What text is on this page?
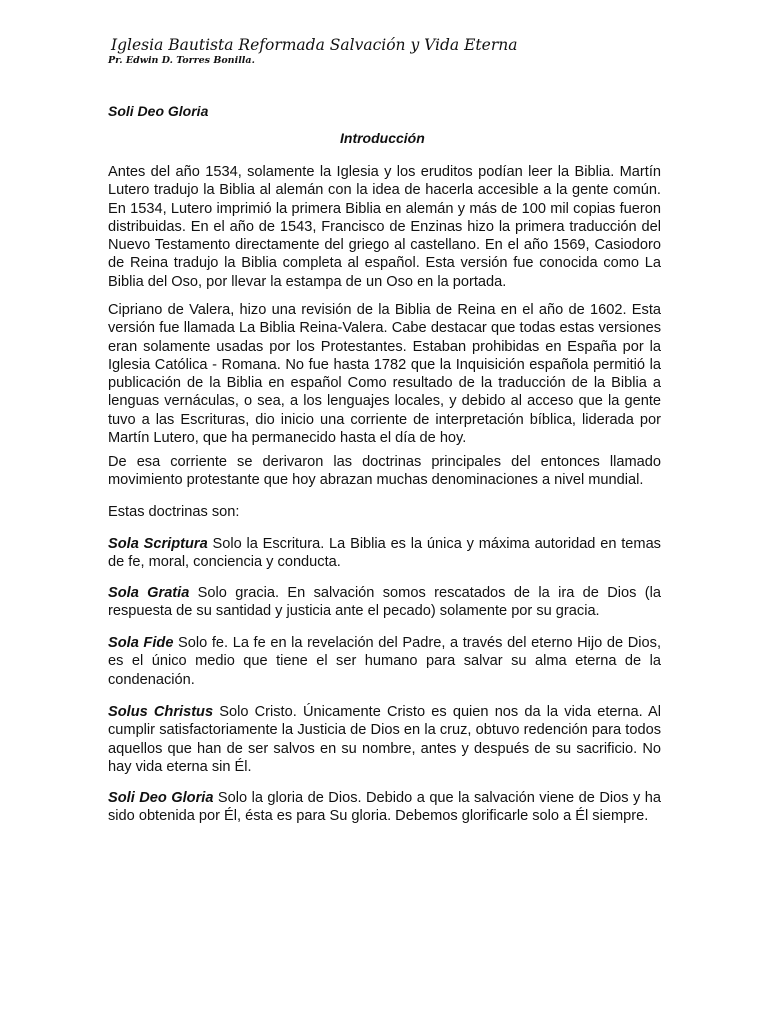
Iglesia Bautista Reformada Salvación y Vida Eterna
Pr. Edwin D. Torres Bonilla.
Soli Deo Gloria
Introducción

Antes del año 1534, solamente la Iglesia y los eruditos podían leer la Biblia. Martín Lutero tradujo la Biblia al alemán con la idea de hacerla accesible a la gente común. En 1534, Lutero imprimió la primera Biblia en alemán y más de 100 mil copias fueron distribuidas. En el año de 1543, Francisco de Enzinas hizo la primera traducción del Nuevo Testamento directamente del griego al castellano. En el año 1569, Casiodoro de Reina tradujo la Biblia completa al español. Esta versión fue conocida como La Biblia del Oso, por llevar la estampa de un Oso en la portada.

Cipriano de Valera, hizo una revisión de la Biblia de Reina en el año de 1602. Esta versión fue llamada La Biblia Reina-Valera. Cabe destacar que todas estas versiones eran solamente usadas por los Protestantes. Estaban prohibidas en España por la Iglesia Católica - Romana. No fue hasta 1782 que la Inquisición española permitió la publicación de la Biblia en español Como resultado de la traducción de la Biblia a lenguas vernáculas, o sea, a los lenguajes locales, y debido al acceso que la gente tuvo a las Escrituras, dio inicio una corriente de interpretación bíblica, liderada por Martín Lutero, que ha permanecido hasta el día de hoy.

De esa corriente se derivaron las doctrinas principales del entonces llamado movimiento protestante que hoy abrazan muchas denominaciones a nivel mundial.

Estas doctrinas son:

Sola Scriptura Solo la Escritura. La Biblia es la única y máxima autoridad en temas de fe, moral, conciencia y conducta.

Sola Gratia Solo gracia. En salvación somos rescatados de la ira de Dios (la respuesta de su santidad y justicia ante el pecado) solamente por su gracia.

Sola Fide Solo fe. La fe en la revelación del Padre, a través del eterno Hijo de Dios, es el único medio que tiene el ser humano para salvar su alma eterna de la condenación.

Solus Christus Solo Cristo. Únicamente Cristo es quien nos da la vida eterna. Al cumplir satisfactoriamente la Justicia de Dios en la cruz, obtuvo redención para todos aquellos que han de ser salvos en su nombre, antes y después de su sacrificio. No hay vida eterna sin Él.

Soli Deo Gloria Solo la gloria de Dios. Debido a que la salvación viene de Dios y ha sido obtenida por Él, ésta es para Su gloria. Debemos glorificarle solo a Él siempre.
